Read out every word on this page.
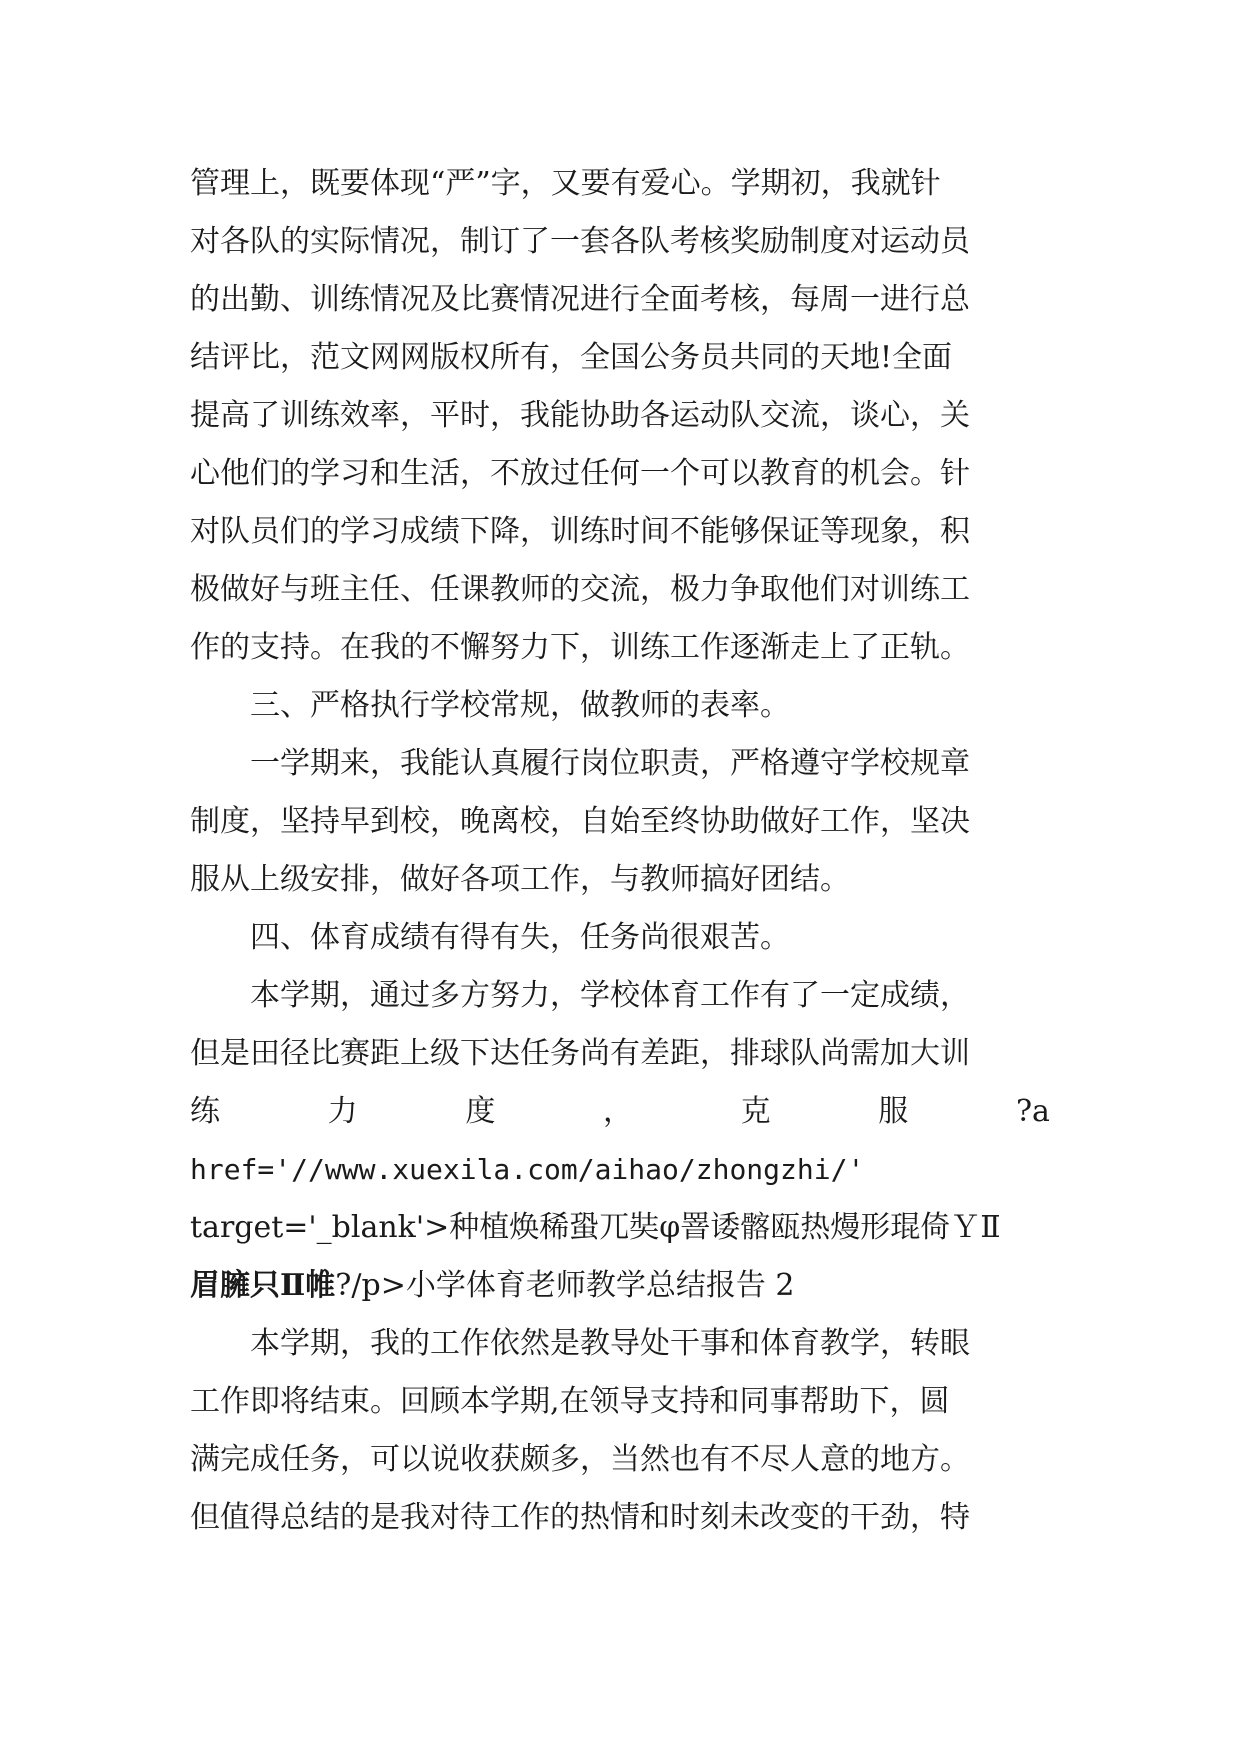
管理上，既要体现“严”字，又要有爱心。学期初，我就针
对各队的实际情况，制订了一套各队考核奖励制度对运动员
的出勤、训练情况及比赛情况进行全面考核，每周一进行总
结评比，范文网网版权所有，全国公务员共同的天地!全面
提高了训练效率，平时，我能协助各运动队交流，谈心，关
心他们的学习和生活，不放过任何一个可以教育的机会。针
对队员们的学习成绩下降，训练时间不能够保证等现象，积
极做好与班主任、任课教师的交流，极力争取他们对训练工
作的支持。在我的不懈努力下，训练工作逐渐走上了正轨。
三、严格执行学校常规，做教师的表率。
一学期来，我能认真履行岗位职责，严格遵守学校规章
制度，坚持早到校，晚离校，自始至终协助做好工作，坚决
服从上级安排，做好各项工作，与教师搞好团结。
四、体育成绩有得有失，任务尚很艰苦。
本学期，通过多方努力，学校体育工作有了一定成绩，
但是田径比赛距上级下达任务尚有差距，排球队尚需加大训
练	力	度	，	克	服	?a
href='//www.xuexila.com/aihao/zhongzhi/'
target='_blank'>种植焕稀蛩兀奘φ罯诿髂瓯热熳形琨倚ＹⅡ
眉臃只Ⅱ帷?/p>小学体育老师教学总结报告 2
本学期，我的工作依然是教导处干事和体育教学，转眼
工作即将结束。回顾本学期,在领导支持和同事帮助下，圆
满完成任务，可以说收获颇多，当然也有不尽人意的地方。
但值得总结的是我对待工作的热情和时刻未改变的干劲，特
